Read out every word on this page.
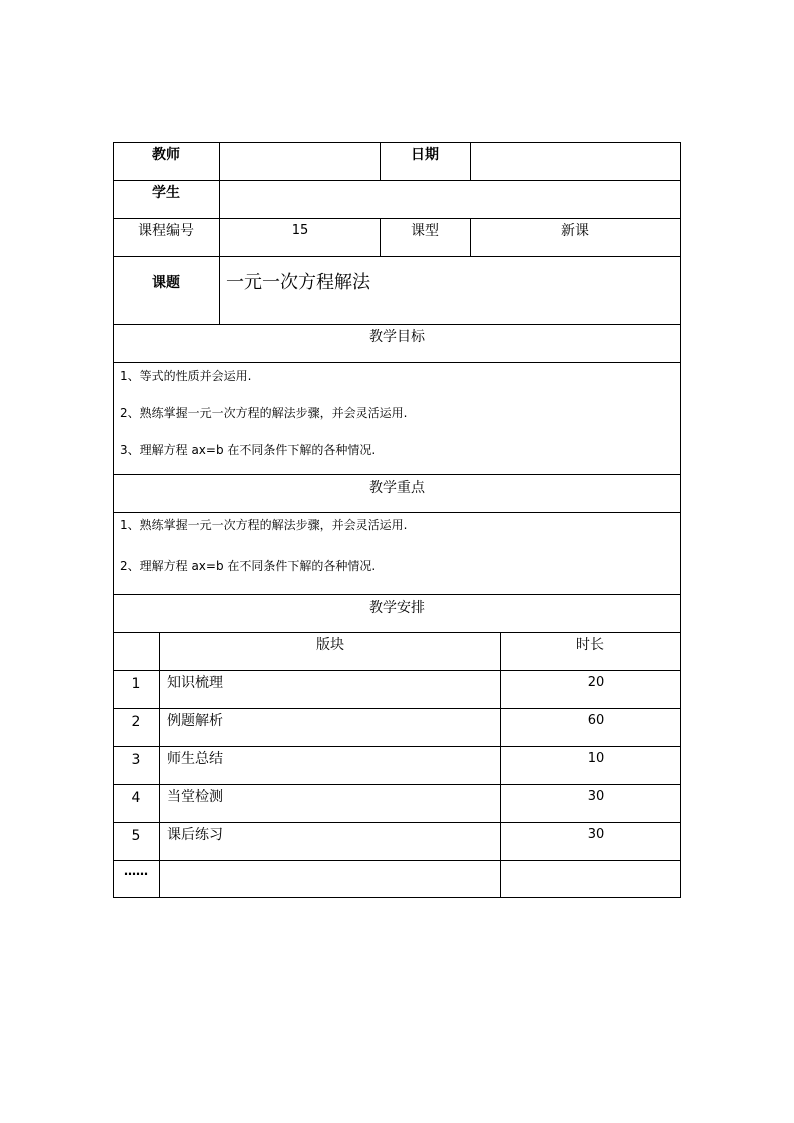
教师	日期
学生
课程编号	15	课型	新课
课题	一元一次方程解法
教学目标
1、等式的性质并会运用.
2、熟练掌握一元一次方程的解法步骤，并会灵活运用.
3、理解方程 ax=b 在不同条件下解的各种情况.
教学重点
1、熟练掌握一元一次方程的解法步骤，并会灵活运用.
2、理解方程 ax=b 在不同条件下解的各种情况.
教学安排
版块	时长
1 知识梳理	20
2 例题解析	60
3 师生总结	10
4 当堂检测	30
5 课后练习	30
……
